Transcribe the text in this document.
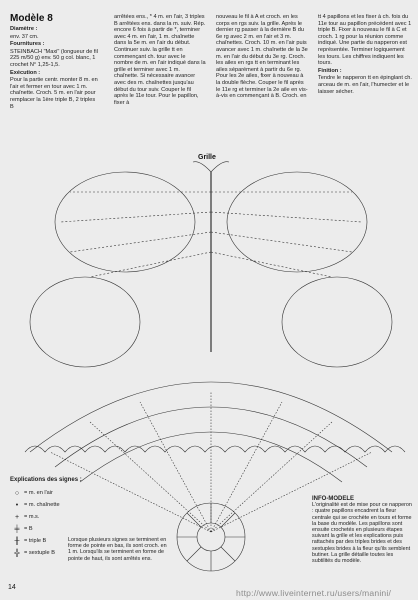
Modèle 8

Diamètre :

env. 37 cm.

Fournitures :

STEINBACH "Maxi" (longueur de fil 225 m/50 g) env. 50 g col. blanc, 1 crochet N° 1,25-1,5.

Exécution :

Pour la partie centr. monter 8 m. en l'air et fermer en tour avec 1 m. chaînette. Croch. 5 m. en l'air pour remplacer la 1ère triple B, 2 triples B

arrêtées ens., * 4 m. en l'air, 3 triples B arrêtées ens. dans la m. suiv. Rép. encore 6 fois à partir de *, terminer avec 4 m. en l'air, 1 m. chaînette dans la 5e m. en l'air du début. Continuer suiv. la grille tt en commençant ch. tour avec le nombre de m. en l'air indiqué dans la grille et terminer avec 1 m. chaînette. Si nécessaire avancer avec des m. chaînettes jusqu'au début du tour suiv. Couper le fil après le 11e tour. Pour le papillon, fixer à

nouveau le fil à A et croch. en les corps en rgs suiv. la grille. Après le dernier rg passer à la dernière B du 6e rg avec 2 m. en l'air et 3 m. chaînettes. Croch. 10 m. en l'air puis avancer avec 1 m. chaînette de la 3e m. en l'air du début du 3e rg. Croch. les ailes en rgs tt en terminant les ailes séparément à partir du 6e rg. Pour les 2e ailes, fixer à nouveau à la double flèche. Couper le fil après le 11e rg et terminer la 2e aile en vis-à-vis en commençant à B. Croch. en

tt 4 papillons et les fixer à ch. fois du 11e tour au papillon précédent avec 1 triple B. Fixer à nouveau le fil à C et croch. 1 rg pour la réunion comme indiqué. Une partie du napperon est représentée. Terminer logiquement les tours. Les chiffres indiquent les tours.

Finition :

Tendre le napperon tt en épinglant ch. arceau de m. en l'air, l'humecter et le laisser sécher.

Grille
Explications des signes :
○ = m. en l'air
•	= m. chaînette
+ = m.s.
╪ = B
╫ = triple B
╬ = sextuple B
Lorsque plusieurs signes se terminent en forme de pointe en bas, ils sont croch. en 1 m. Lorsqu'ils se terminent en forme de pointe de haut, ils sont arrêtés ens.
INFO-MODELE
L'originalité est de mise pour ce napperon : quatre papillons encadrent la fleur centrale qui se crochète en tours et forme la base du modèle. Les papillons sont ensuite crochetés en plusieurs étapes suivant la grille et les explications puis rattachés par des triples brides et des sextuples brides à la fleur qu'ils semblent butiner. La grille détaille toutes les subtilités du modèle.
14
http://www.liveinternet.ru/users/manini/
